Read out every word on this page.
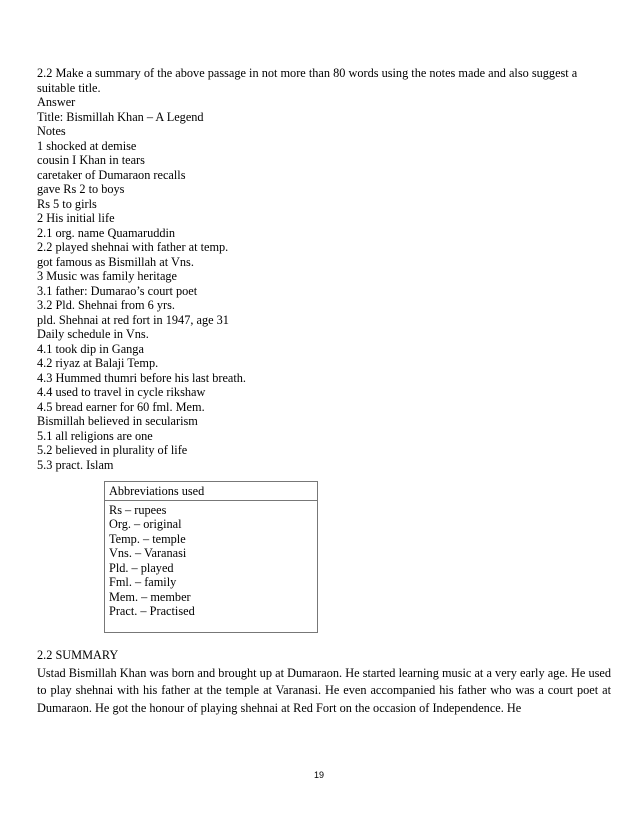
2.2 Make a summary of the above passage in not more than 80 words using the notes made and also suggest a suitable title.
Answer
Title: Bismillah Khan – A Legend
Notes
1 shocked at demise
cousin I Khan in tears
caretaker of Dumaraon recalls
gave Rs 2 to boys
Rs 5 to girls
2 His initial life
2.1 org. name Quamaruddin
2.2 played shehnai with father at temp.
got famous as Bismillah at Vns.
3 Music was family heritage
3.1 father: Dumarao’s court poet
3.2 Pld. Shehnai from 6 yrs.
pld. Shehnai at red fort in 1947, age 31
Daily schedule in Vns.
4.1 took dip in Ganga
4.2 riyaz at Balaji Temp.
4.3 Hummed thumri before his last breath.
4.4 used to travel in cycle rikshaw
4.5 bread earner for 60 fml. Mem.
Bismillah believed in secularism
5.1 all religions are one
5.2 believed in plurality of life
5.3 pract. Islam
Abbreviations used
Rs – rupees
Org. – original
Temp. – temple
Vns. – Varanasi
Pld. – played
Fml. – family
Mem. – member
Pract. – Practised
2.2 SUMMARY

Ustad Bismillah Khan was born and brought up at Dumaraon. He started learning music at a very early age. He used to play shehnai with his father at the temple at Varanasi. He even accompanied his father who was a court poet at Dumaraon. He got the honour of playing shehnai at Red Fort on the occasion of Independence. He

19
